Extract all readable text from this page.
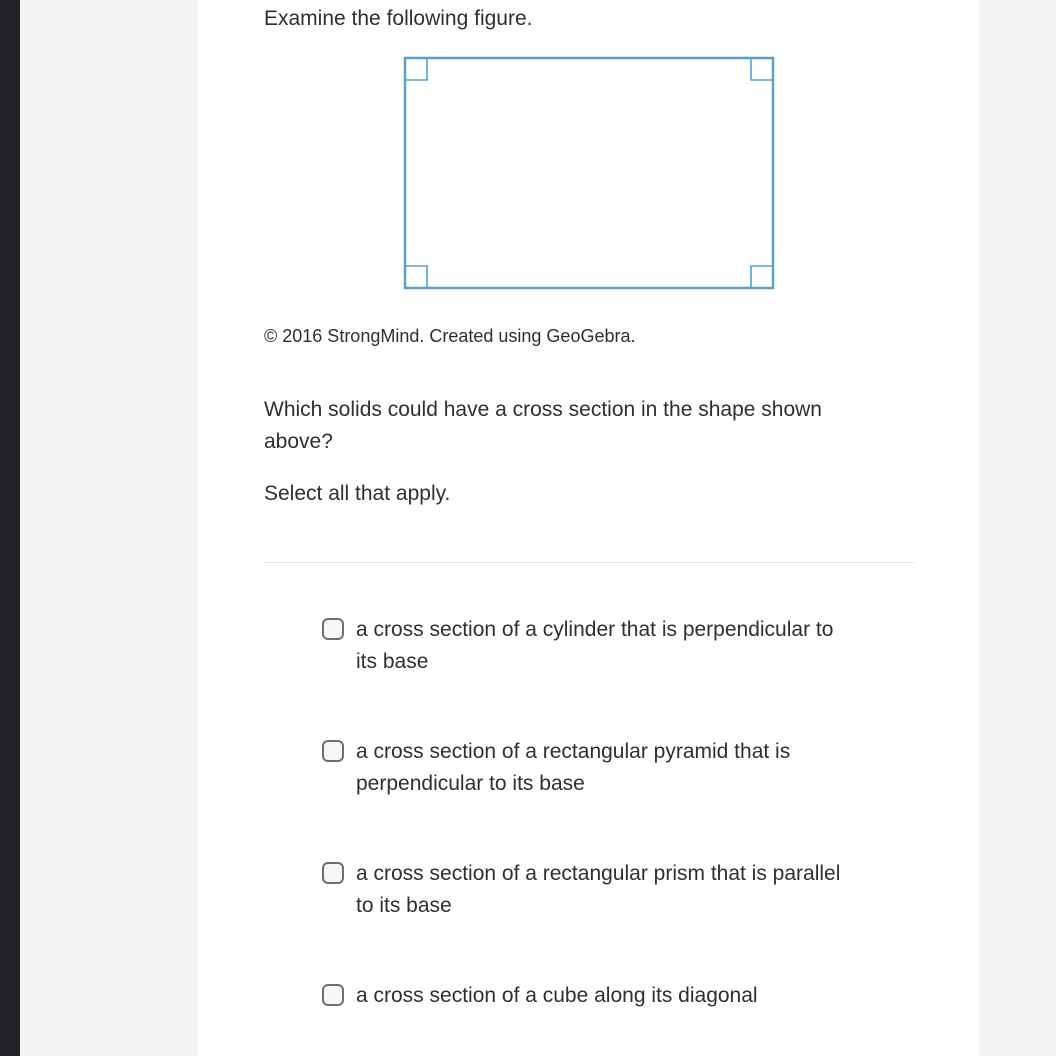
Examine the following figure.
© 2016 StrongMind. Created using GeoGebra.
Which solids could have a cross section in the shape shown above?
Select all that apply.
a cross section of a cylinder that is perpendicular to its base
a cross section of a rectangular pyramid that is perpendicular to its base
a cross section of a rectangular prism that is parallel to its base
a cross section of a cube along its diagonal
